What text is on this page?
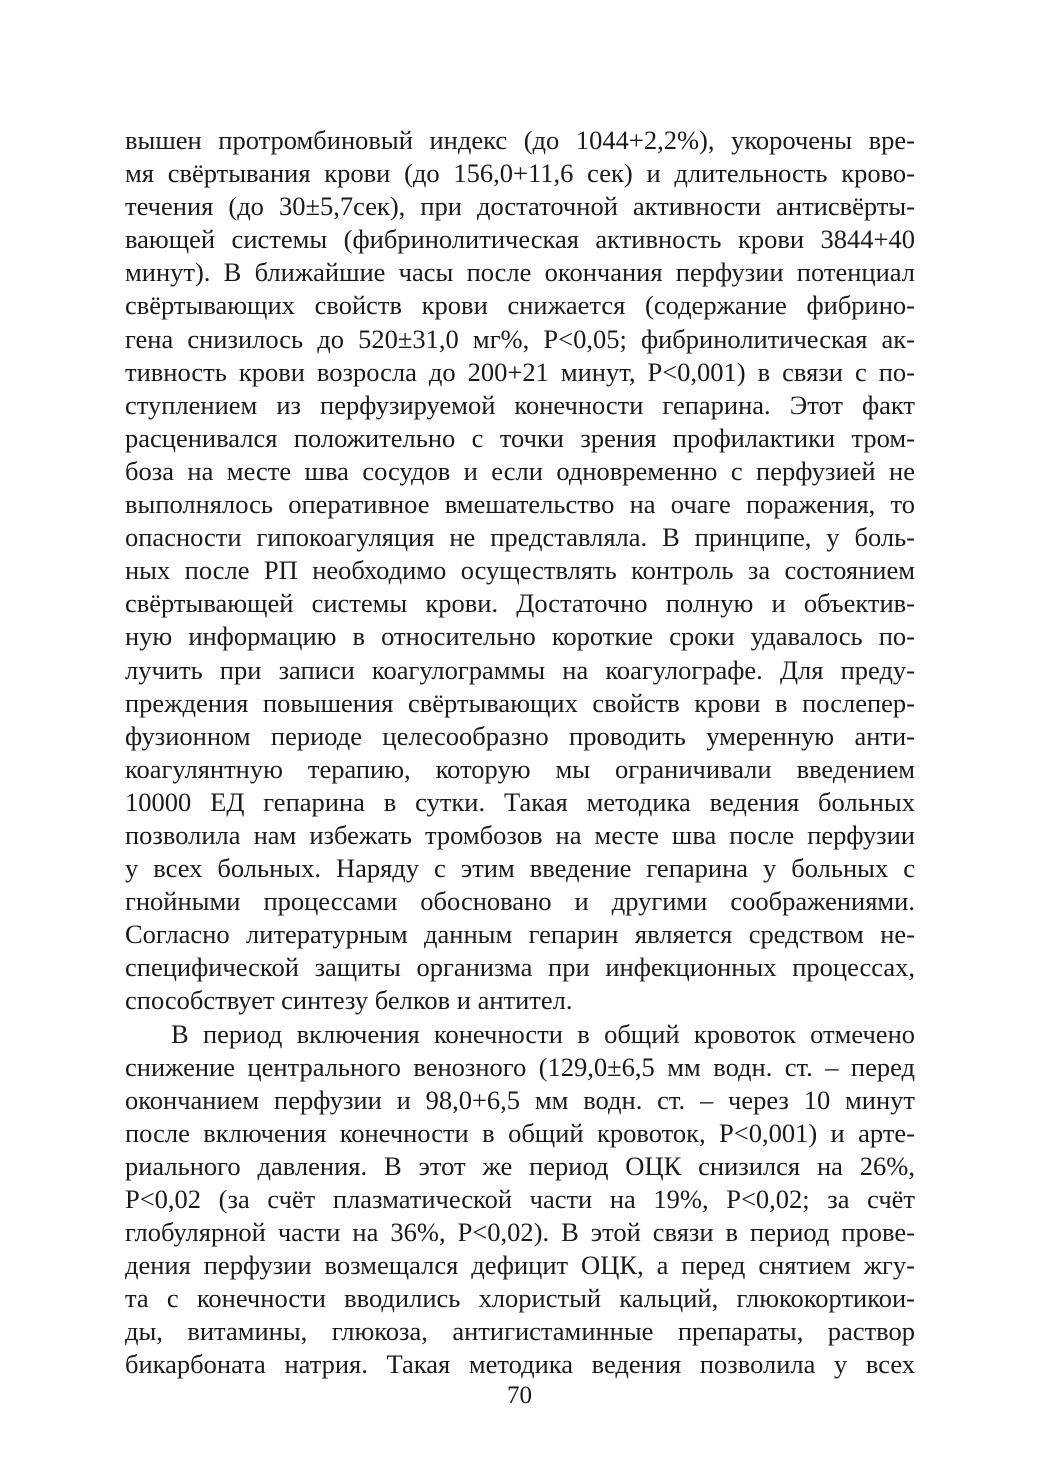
вышен протромбиновый индекс (до 1044+2,2%), укорочены вре-
мя свёртывания крови (до 156,0+11,6 сек) и длительность крово-
течения (до 30±5,7сек), при достаточной активности антисвёрты-
вающей системы (фибринолитическая активность крови 3844+40
минут). В ближайшие часы после окончания перфузии потенциал
свёртывающих свойств крови снижается (содержание фибрино-
гена снизилось до 520±31,0 мг%, Р<0,05; фибринолитическая ак-
тивность крови возросла до 200+21 минут, Р<0,001) в связи с по-
ступлением из перфузируемой конечности гепарина. Этот факт
расценивался положительно с точки зрения профилактики тром-
боза на месте шва сосудов и если одновременно с перфузией не
выполнялось оперативное вмешательство на очаге поражения, то
опасности гипокоагуляция не представляла. В принципе, у боль-
ных после РП необходимо осуществлять контроль за состоянием
свёртывающей системы крови. Достаточно полную и объектив-
ную информацию в относительно короткие сроки удавалось по-
лучить при записи коагулограммы на коагулографе. Для преду-
преждения повышения свёртывающих свойств крови в послепер-
фузионном периоде целесообразно проводить умеренную анти-
коагулянтную терапию, которую мы ограничивали введением
10000 ЕД гепарина в сутки. Такая методика ведения больных
позволила нам избежать тромбозов на месте шва после перфузии
у всех больных. Наряду с этим введение гепарина у больных с
гнойными процессами обосновано и другими соображениями.
Согласно литературным данным гепарин является средством не-
специфической защиты организма при инфекционных процессах,
способствует синтезу белков и антител.
В период включения конечности в общий кровоток отмечено
снижение центрального венозного (129,0±6,5 мм водн. ст. – перед
окончанием перфузии и 98,0+6,5 мм водн. ст. – через 10 минут
после включения конечности в общий кровоток, Р<0,001) и арте-
риального давления. В этот же период ОЦК снизился на 26%,
Р<0,02 (за счёт плазматической части на 19%, Р<0,02; за счёт
глобулярной части на 36%, Р<0,02). В этой связи в период прове-
дения перфузии возмещался дефицит ОЦК, а перед снятием жгу-
та с конечности вводились хлористый кальций, глюкокортикои-
ды, витамины, глюкоза, антигистаминные препараты, раствор
бикарбоната натрия. Такая методика ведения позволила у всех
70
